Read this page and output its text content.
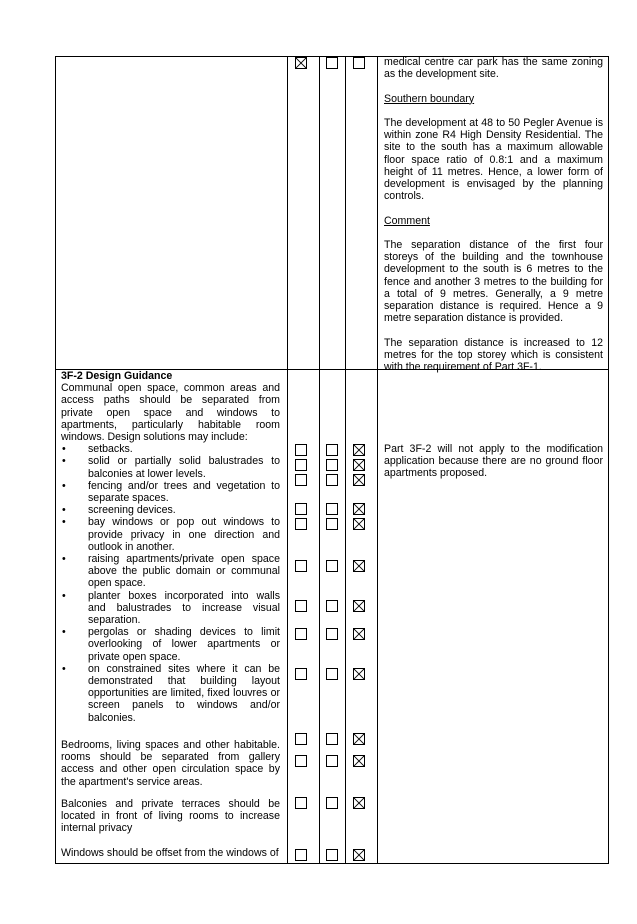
medical centre car park has the same zoning as the development site.

Southern boundary

The development at 48 to 50 Pegler Avenue is within zone R4 High Density Residential. The site to the south has a maximum allowable floor space ratio of 0.8:1 and a maximum height of 11 metres. Hence, a lower form of development is envisaged by the planning controls.

Comment

The separation distance of the first four storeys of the building and the townhouse development to the south is 6 metres to the fence and another 3 metres to the building for a total of 9 metres. Generally, a 9 metre separation distance is required. Hence a 9 metre separation distance is provided.

The separation distance is increased to 12 metres for the top storey which is consistent with the requirement of Part 3F-1.

3F-2 Design Guidance

Communal open space, common areas and access paths should be separated from private open space and windows to apartments, particularly habitable room windows. Design solutions may include:

• setbacks.
• solid or partially solid balustrades to balconies at lower levels.
• fencing and/or trees and vegetation to separate spaces.
• screening devices.
• bay windows or pop out windows to provide privacy in one direction and outlook in another.
• raising apartments/private open space above the public domain or communal open space.
• planter boxes incorporated into walls and balustrades to increase visual separation.
• pergolas or shading devices to limit overlooking of lower apartments or private open space.
• on constrained sites where it can be demonstrated that building layout opportunities are limited, fixed louvres or screen panels to windows and/or balconies.
Bedrooms, living spaces and other habitable. rooms should be separated from gallery access and other open circulation space by the apartment's service areas.
Balconies and private terraces should be located in front of living rooms to increase internal privacy
Windows should be offset from the windows of
Part 3F-2 will not apply to the modification application because there are no ground floor apartments proposed.
